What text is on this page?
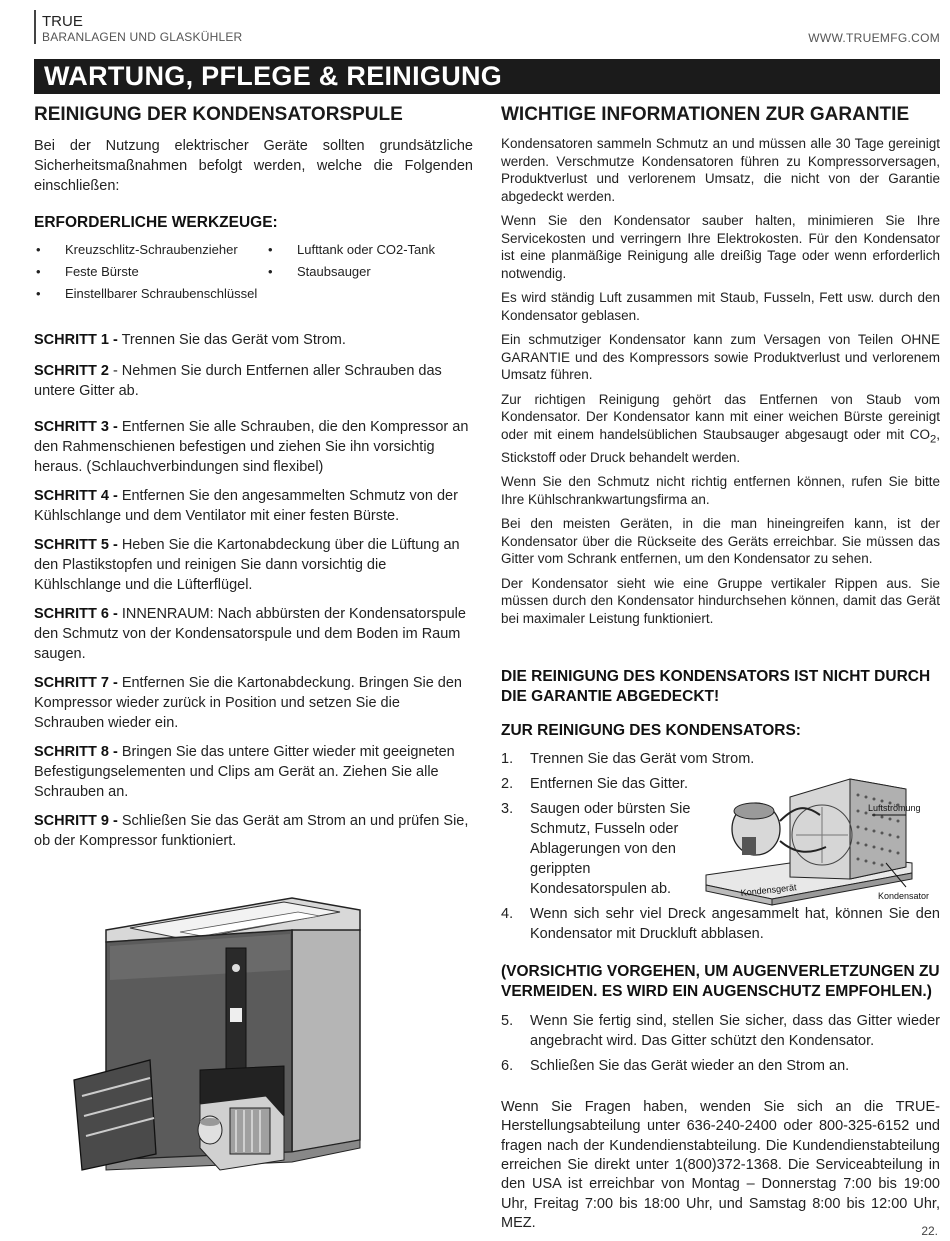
TRUE
BARANLAGEN UND GLASKÜHLER	WWW.TRUEMFG.COM
WARTUNG, PFLEGE & REINIGUNG
REINIGUNG DER KONDENSATORSPULE

Bei der Nutzung elektrischer Geräte sollten grundsätzliche Sicherheitsmaßnahmen befolgt werden, welche die Folgenden einschließen:

ERFORDERLICHE WERKZEUGE:
• Kreuzschlitz-Schraubenzieher
• Feste Bürste
• Einstellbarer Schraubenschlüssel
• Lufttank oder CO2-Tank
• Staubsauger

SCHRITT 1 - Trennen Sie das Gerät vom Strom.

SCHRITT 2 - Nehmen Sie durch Entfernen aller Schrauben das untere Gitter ab.

SCHRITT 3 - Entfernen Sie alle Schrauben, die den Kompressor an den Rahmenschienen befestigen und ziehen Sie ihn vorsichtig heraus. (Schlauchverbindungen sind flexibel)

SCHRITT 4 - Entfernen Sie den angesammelten Schmutz von der Kühlschlange und dem Ventilator mit einer festen Bürste.

SCHRITT 5 - Heben Sie die Kartonabdeckung über die Lüftung an den Plastikstopfen und reinigen Sie dann vorsichtig die Kühlschlange und die Lüfterflügel.

SCHRITT 6 - INNENRAUM: Nach abbürsten der Kondensatorspule den Schmutz von der Kondensatorspule und dem Boden im Raum saugen.

SCHRITT 7 - Entfernen Sie die Kartonabdeckung. Bringen Sie den Kompressor wieder zurück in Position und setzen Sie die Schrauben wieder ein.

SCHRITT 8 - Bringen Sie das untere Gitter wieder mit geeigneten Befestigungselementen und Clips am Gerät an. Ziehen Sie alle Schrauben an.

SCHRITT 9 - Schließen Sie das Gerät am Strom an und prüfen Sie, ob der Kompressor funktioniert.

WICHTIGE INFORMATIONEN ZUR GARANTIE

Kondensatoren sammeln Schmutz an und müssen alle 30 Tage gereinigt werden. Verschmutze Kondensatoren führen zu Kompressorversagen, Produktverlust und verlorenem Umsatz, die nicht von der Garantie abgedeckt werden.

Wenn Sie den Kondensator sauber halten, minimieren Sie Ihre Servicekosten und verringern Ihre Elektrokosten. Für den Kondensator ist eine planmäßige Reinigung alle dreißig Tage oder wenn erforderlich notwendig.

Es wird ständig Luft zusammen mit Staub, Fusseln, Fett usw. durch den Kondensator geblasen.

Ein schmutziger Kondensator kann zum Versagen von Teilen OHNE GARANTIE und des Kompressors sowie Produktverlust und verlorenem Umsatz führen.

Zur richtigen Reinigung gehört das Entfernen von Staub vom Kondensator. Der Kondensator kann mit einer weichen Bürste gereinigt oder mit einem handelsüblichen Staubsauger abgesaugt oder mit $CO_2$, Stickstoff oder Druck behandelt werden.

Wenn Sie den Schmutz nicht richtig entfernen können, rufen Sie bitte Ihre Kühlschrankwartungsfirma an.

Bei den meisten Geräten, in die man hineingreifen kann, ist der Kondensator über die Rückseite des Geräts erreichbar. Sie müssen das Gitter vom Schrank entfernen, um den Kondensator zu sehen.

Der Kondensator sieht wie eine Gruppe vertikaler Rippen aus. Sie müssen durch den Kondensator hindurchsehen können, damit das Gerät bei maximaler Leistung funktioniert.

DIE REINIGUNG DES KONDENSATORS IST NICHT DURCH DIE GARANTIE ABGEDECKT!
ZUR REINIGUNG DES KONDENSATORS:
1. Trennen Sie das Gerät vom Strom.
2. Entfernen Sie das Gitter.
3. Saugen oder bürsten Sie Schmutz, Fusseln oder Ablagerungen von den gerippten Kondesatorspulen ab.
4. Wenn sich sehr viel Dreck angesammelt hat, können Sie den Kondensator mit Druckluft abblasen.
Luftströmung
Kondensgerät	Kondensator
(VORSICHTIG VORGEHEN, UM AUGENVERLETZUNGEN ZU VERMEIDEN. ES WIRD EIN AUGENSCHUTZ EMPFOHLEN.)
5. Wenn Sie fertig sind, stellen Sie sicher, dass das Gitter wieder angebracht wird. Das Gitter schützt den Kondensator.
6. Schließen Sie das Gerät wieder an den Strom an.

Wenn Sie Fragen haben, wenden Sie sich an die TRUE-Herstellungsabteilung unter 636-240-2400 oder 800-325-6152 und fragen nach der Kundendienstabteilung. Die Kundendienstabteilung erreichen Sie direkt unter 1(800)372-1368. Die Serviceabteilung in den USA ist erreichbar von Montag – Donnerstag 7:00 bis 19:00 Uhr, Freitag 7:00 bis 18:00 Uhr, und Samstag 8:00 bis 12:00 Uhr, MEZ.

22.
